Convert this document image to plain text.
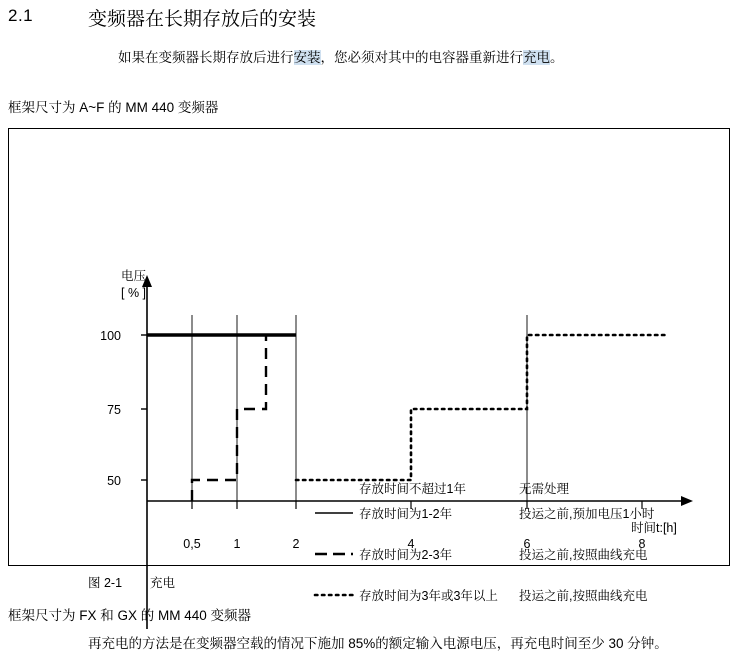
2.1	变频器在长期存放后的安装
如果在变频器长期存放后进行安装，您必须对其中的电容器重新进行充电。
框架尺寸为 A~F 的 MM 440 变频器
电压
[ % ]
时间t:[h]
100
75
50
0,5	1	2	4	6	8
存放时间不超过1年	无需处理
存放时间为1-2年	投运之前,预加电压1小时
存放时间为2-3年	投运之前,按照曲线充电
存放时间为3年或3年以上 投运之前,按照曲线充电
图 2-1 充电
框架尺寸为 FX 和 GX 的 MM 440 变频器
再充电的方法是在变频器空载的情况下施加 85%的额定输入电源电压，再充电时间至少 30 分钟。
